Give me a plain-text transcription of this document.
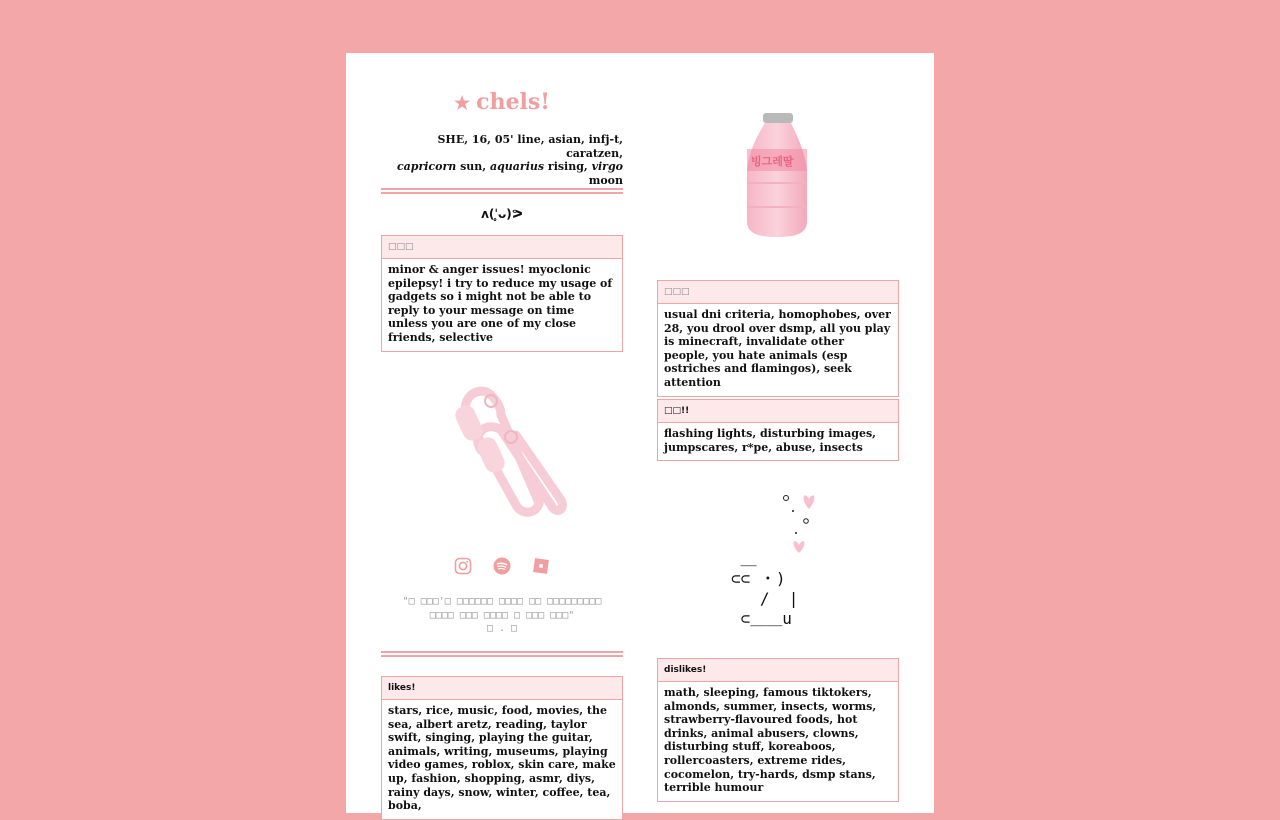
★ chels!
SHE, 16, 05' line, asian, infj-t, caratzen,
capricorn sun, aquarius rising, virgo
moon
ʌ(ˈ̥ᴗ)ᕗ
□□□
minor & anger issues! myoclonic epilepsy! i try to reduce my usage of gadgets so i might not be able to reply to your message on time unless you are one of my close friends, selective

"□ □□□'□ □□□□□□ □□□□ □□ □□□□□□□□□
□□□□ □□□ □□□□ □ □□□ □□□"
□ . □
likes!
stars, rice, music, food, movies, the sea, albert aretz, reading, taylor swift, singing, playing the guitar, animals, writing, museums, playing video games, roblox, skin care, make up, fashion, shopping, asmr, diys, rainy days, snow, winter, coffee, tea, boba,
빙그레딸
□□□
usual dni criteria, homophobes, over 28, you drool over dsmp, all you play is minecraft, invalidate other people, you hate animals (esp ostriches and flamingos), seek attention
□□!!
flashing lights, disturbing images, jumpscares, r*pe, abuse, insects
＿
⊂⊂ ・)
/  |
⊂＿＿u
dislikes!
math, sleeping, famous tiktokers, almonds, summer, insects, worms, strawberry-flavoured foods, hot drinks, animal abusers, clowns, disturbing stuff, koreaboos, rollercoasters, extreme rides, cocomelon, try-hards, dsmp stans, terrible humour
